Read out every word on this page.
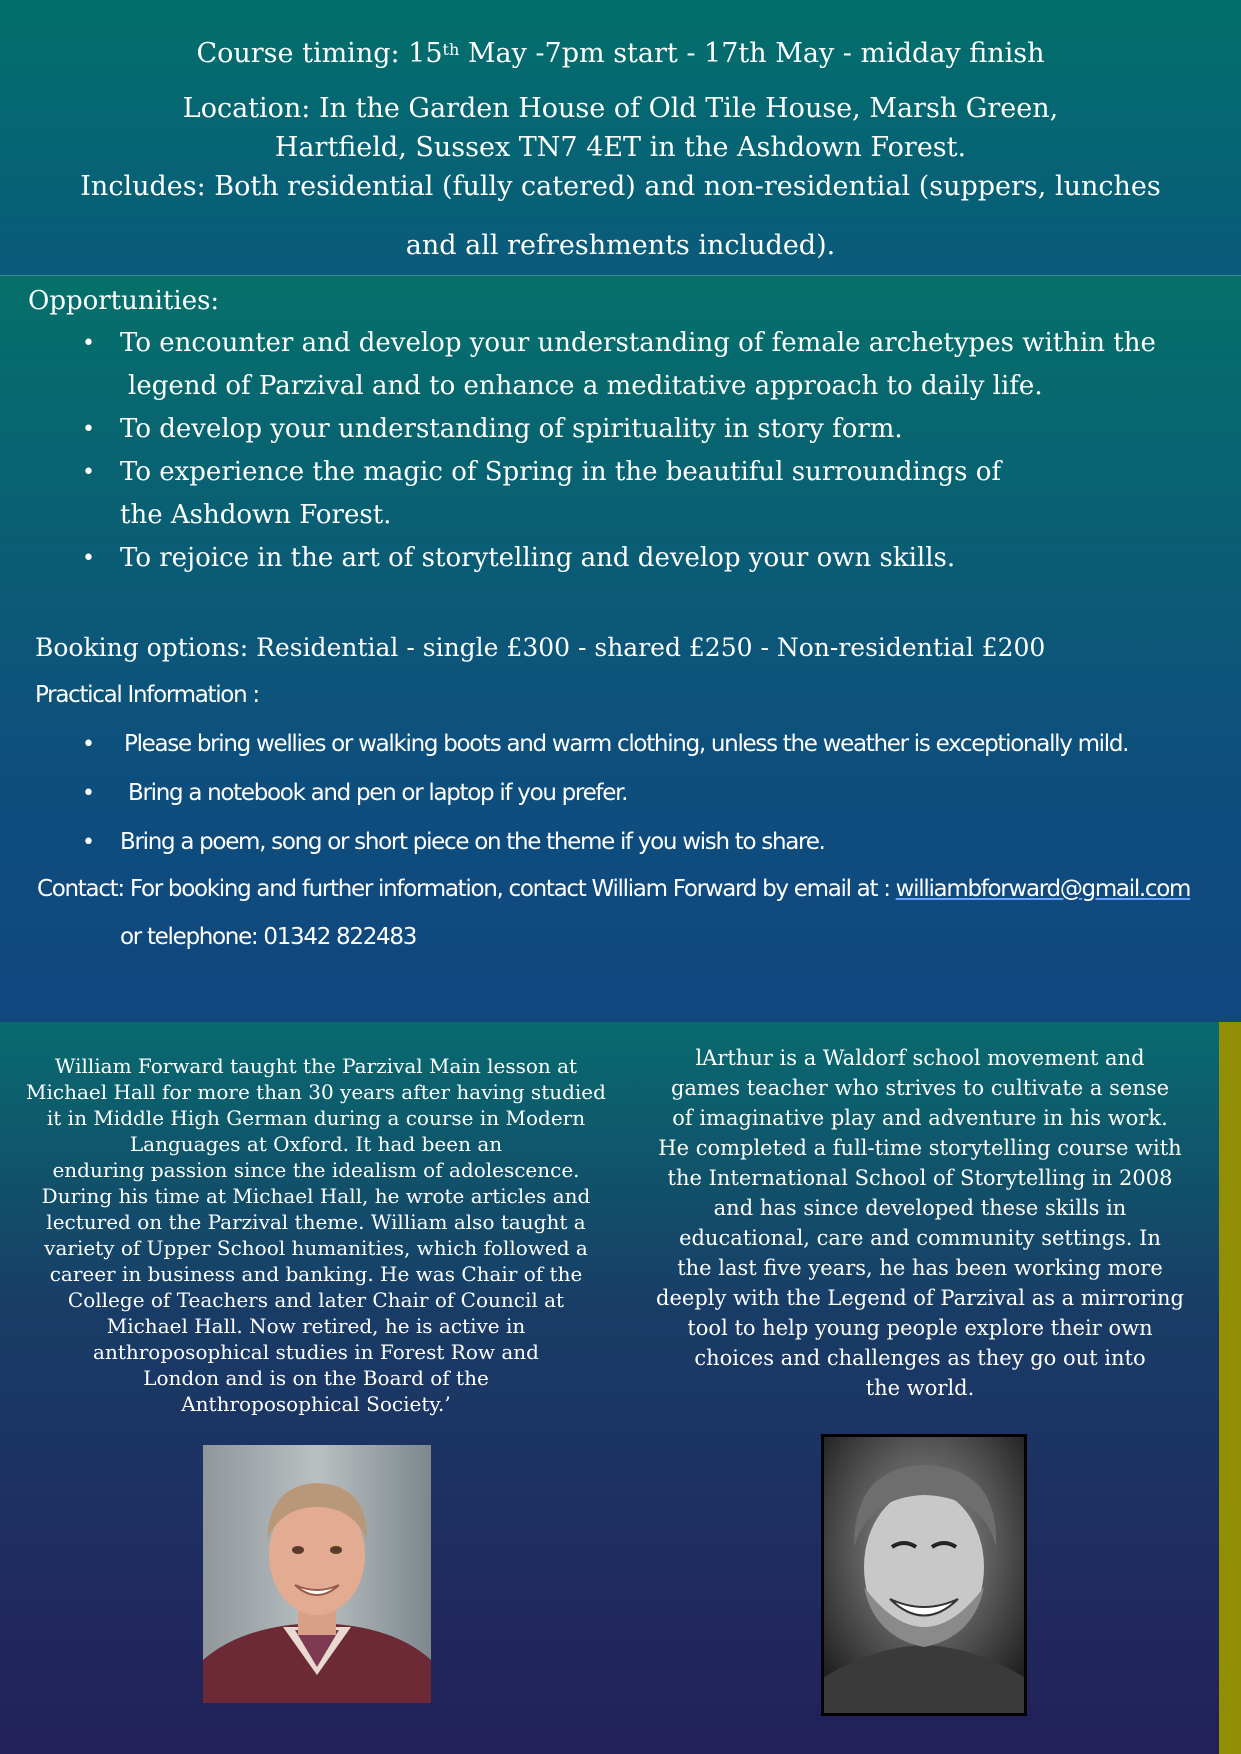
Course timing: 15th May -7pm start - 17th May - midday finish
Location: In the Garden House of Old Tile House, Marsh Green,
Hartfield, Sussex TN7 4ET in the Ashdown Forest.
Includes: Both residential (fully catered) and non-residential (suppers, lunches
and all refreshments included).
Opportunities:
• To encounter and develop your understanding of female archetypes within the
legend of Parzival and to enhance a meditative approach to daily life.
• To develop your understanding of spirituality in story form.
• To experience the magic of Spring in the beautiful surroundings of
the Ashdown Forest.
• To rejoice in the art of storytelling and develop your own skills.
Booking options: Residential - single £300 - shared £250 - Non-residential £200
Practical Information :
• Please bring wellies or walking boots and warm clothing, unless the weather is exceptionally mild.
• Bring a notebook and pen or laptop if you prefer.
• Bring a poem, song or short piece on the theme if you wish to share.
Contact: For booking and further information, contact William Forward by email at : williambforward@gmail.com
or telephone: 01342 822483
William Forward taught the Parzival Main lesson at
Michael Hall for more than 30 years after having studied
it in Middle High German during a course in Modern
Languages at Oxford. It had been an
enduring passion since the idealism of adolescence.
During his time at Michael Hall, he wrote articles and
lectured on the Parzival theme. William also taught a
variety of Upper School humanities, which followed a
career in business and banking. He was Chair of the
College of Teachers and later Chair of Council at
Michael Hall. Now retired, he is active in
anthroposophical studies in Forest Row and
London and is on the Board of the
Anthroposophical Society.’
lArthur is a Waldorf school movement and
games teacher who strives to cultivate a sense
of imaginative play and adventure in his work.
He completed a full-time storytelling course with
the International School of Storytelling in 2008
and has since developed these skills in
educational, care and community settings. In
the last five years, he has been working more
deeply with the Legend of Parzival as a mirroring
tool to help young people explore their own
choices and challenges as they go out into
the world.
